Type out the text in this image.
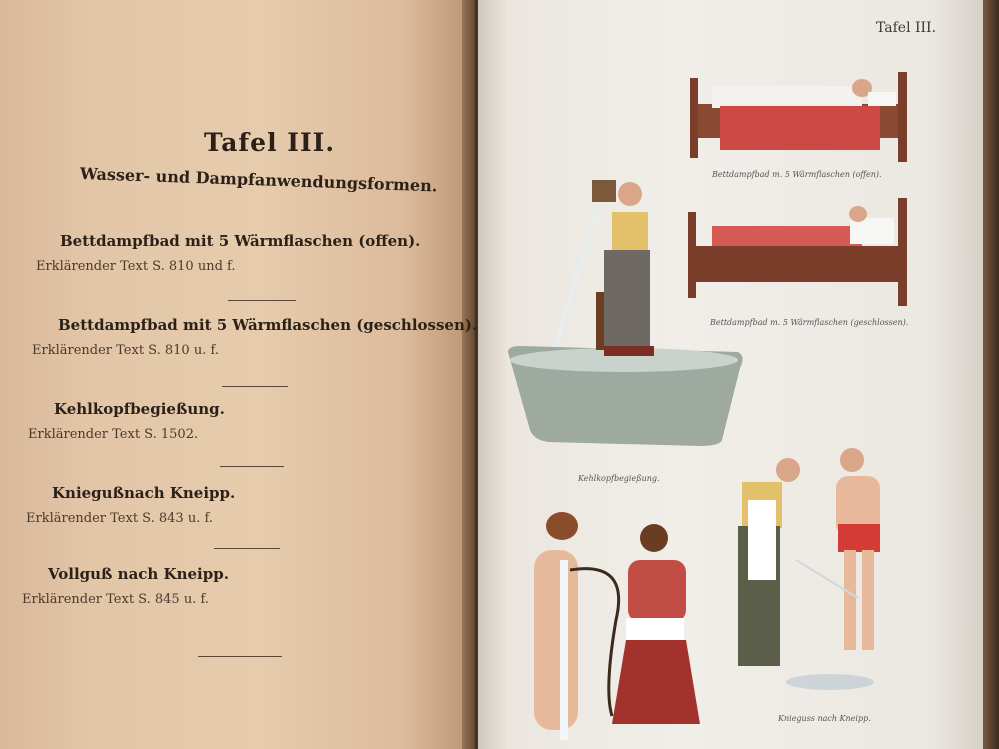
Tafel III.
Wasser- und Dampfanwendungsformen.
Bettdampfbad mit 5 Wärmflaschen (offen).
Erklärender Text S. 810 und f.
Bettdampfbad mit 5 Wärmflaschen (geschlossen).
Erklärender Text S. 810 u. f.
Kehlkopfbegießung.
Erklärender Text S. 1502.
Kniegußnach Kneipp.
Erklärender Text S. 843 u. f.
Vollguß nach Kneipp.
Erklärender Text S. 845 u. f.
Tafel III.
Bettdampfbad m. 5 Wärmflaschen (offen).
Bettdampfbad m. 5 Wärmflaschen (geschlossen).
Kehlkopfbegießung.
Knieguss nach Kneipp.
